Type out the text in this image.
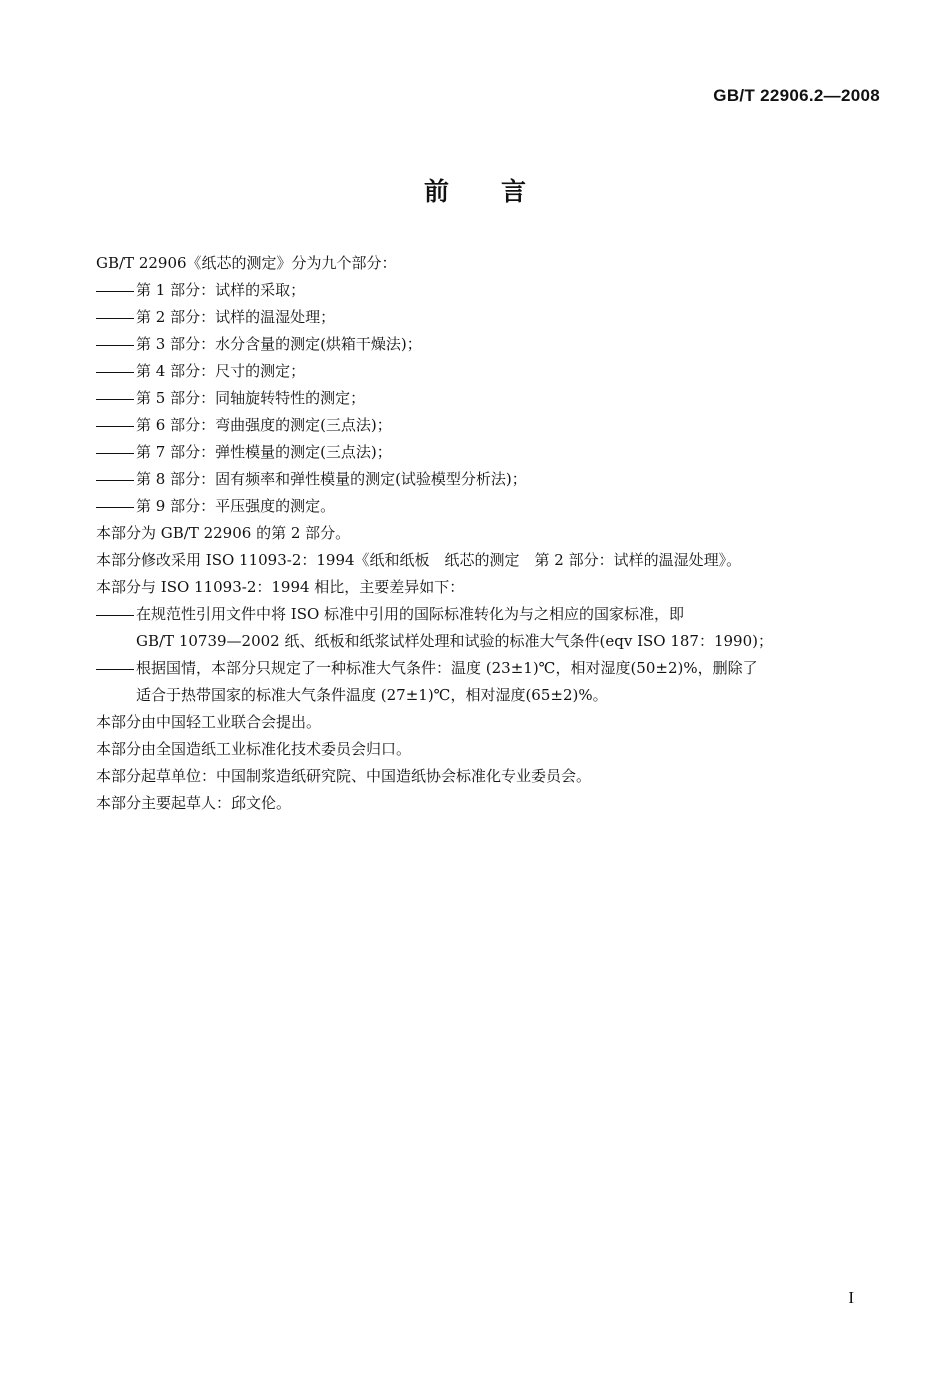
GB/T 22906.2—2008
前言
GB/T 22906《纸芯的测定》分为九个部分：
第 1 部分：试样的采取；
第 2 部分：试样的温湿处理；
第 3 部分：水分含量的测定(烘箱干燥法)；
第 4 部分：尺寸的测定；
第 5 部分：同轴旋转特性的测定；
第 6 部分：弯曲强度的测定(三点法)；
第 7 部分：弹性模量的测定(三点法)；
第 8 部分：固有频率和弹性模量的测定(试验模型分析法)；
第 9 部分：平压强度的测定。
本部分为 GB/T 22906 的第 2 部分。
本部分修改采用 ISO 11093-2：1994《纸和纸板　纸芯的测定　第 2 部分：试样的温湿处理》。
本部分与 ISO 11093-2：1994 相比，主要差异如下：
在规范性引用文件中将 ISO 标准中引用的国际标准转化为与之相应的国家标准，即
GB/T 10739—2002 纸、纸板和纸浆试样处理和试验的标准大气条件(eqv ISO 187：1990)；
根据国情，本部分只规定了一种标准大气条件：温度 (23±1)℃，相对湿度(50±2)%，删除了
适合于热带国家的标准大气条件温度 (27±1)℃，相对湿度(65±2)%。
本部分由中国轻工业联合会提出。
本部分由全国造纸工业标准化技术委员会归口。
本部分起草单位：中国制浆造纸研究院、中国造纸协会标准化专业委员会。
本部分主要起草人：邱文伦。
I
